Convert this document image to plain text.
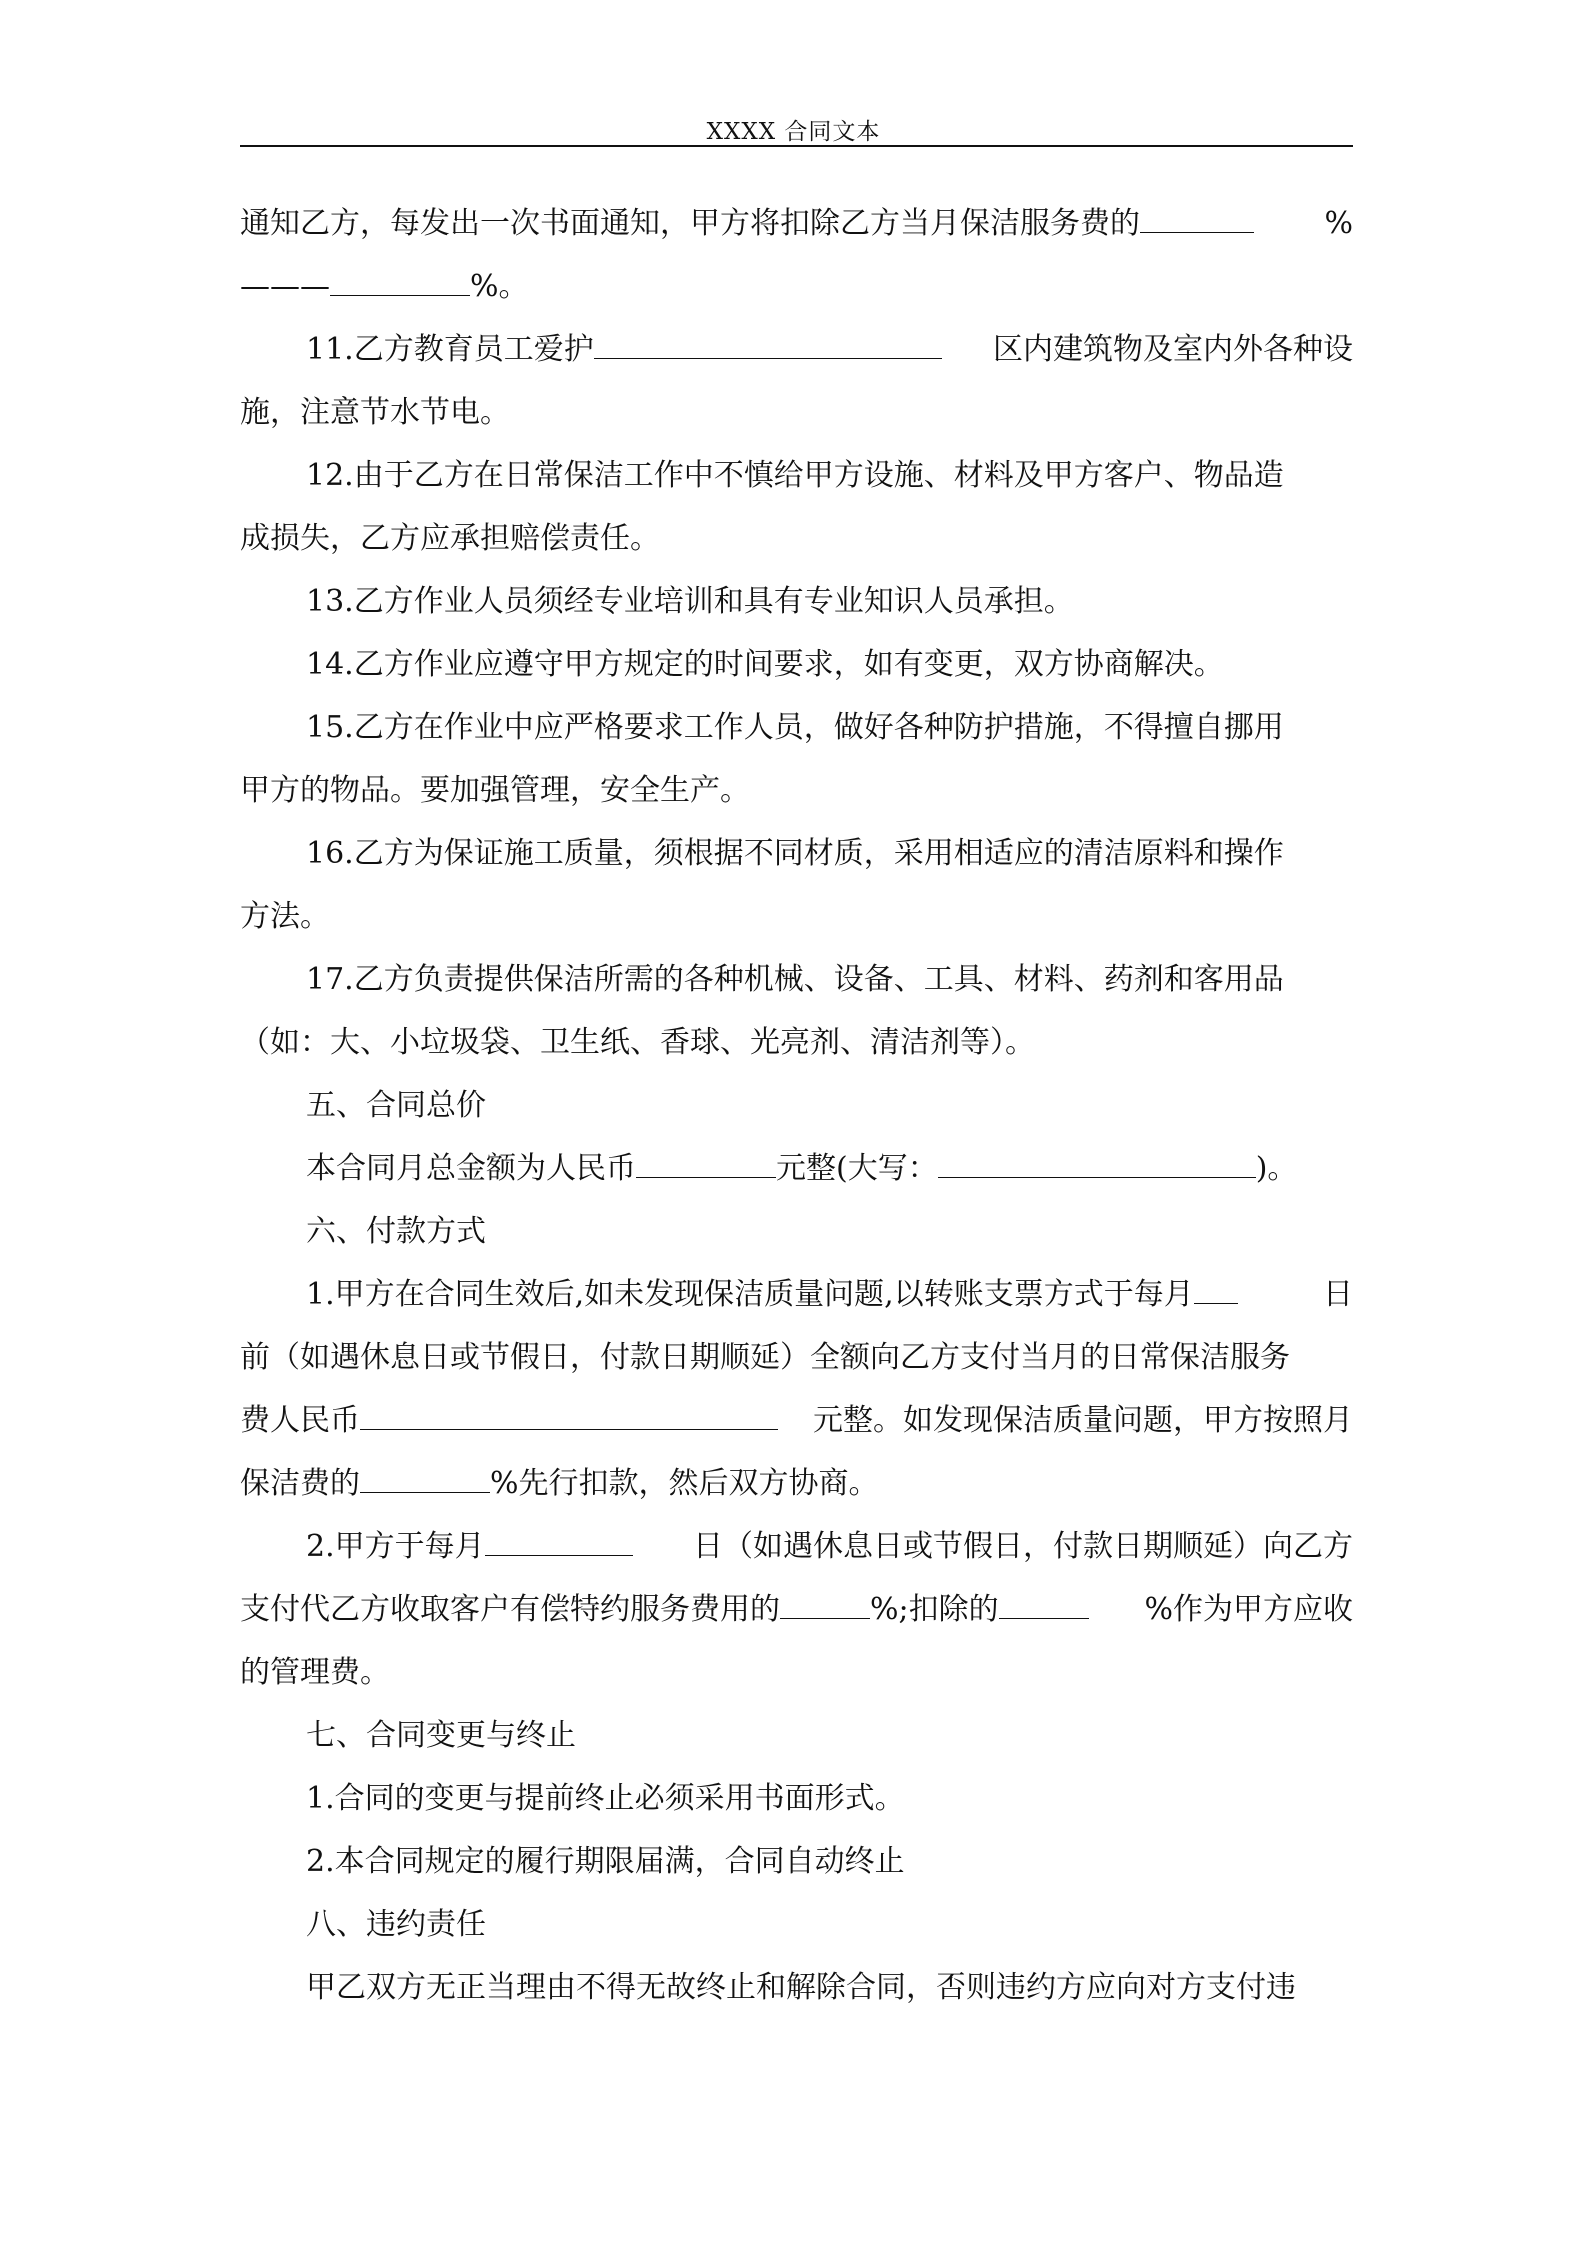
XXXX 合同文本
通知乙方，每发出一次书面通知，甲方将扣除乙方当月保洁服务费的	%
———	%。
11.乙方教育员工爱护	区内建筑物及室内外各种设
施，注意节水节电。
12.由于乙方在日常保洁工作中不慎给甲方设施、材料及甲方客户、物品造
成损失，乙方应承担赔偿责任。
13.乙方作业人员须经专业培训和具有专业知识人员承担。
14.乙方作业应遵守甲方规定的时间要求，如有变更，双方协商解决。
15.乙方在作业中应严格要求工作人员，做好各种防护措施，不得擅自挪用
甲方的物品。要加强管理，安全生产。
16.乙方为保证施工质量，须根据不同材质，采用相适应的清洁原料和操作
方法。
17.乙方负责提供保洁所需的各种机械、设备、工具、材料、药剂和客用品
（如：大、小垃圾袋、卫生纸、香球、光亮剂、清洁剂等）。
五、合同总价
本合同月总金额为人民币	元整(大写：	)。
六、付款方式
1.甲方在合同生效后,如未发现保洁质量问题,以转账支票方式于每月	日
前（如遇休息日或节假日，付款日期顺延）全额向乙方支付当月的日常保洁服务
费人民币	元整。如发现保洁质量问题，甲方按照月
保洁费的	%先行扣款，然后双方协商。
2.甲方于每月	日（如遇休息日或节假日，付款日期顺延）向乙方
支付代乙方收取客户有偿特约服务费用的	%;扣除的	%作为甲方应收
的管理费。
七、合同变更与终止
1.合同的变更与提前终止必须采用书面形式。
2.本合同规定的履行期限届满，合同自动终止
八、违约责任
甲乙双方无正当理由不得无故终止和解除合同，否则违约方应向对方支付违
